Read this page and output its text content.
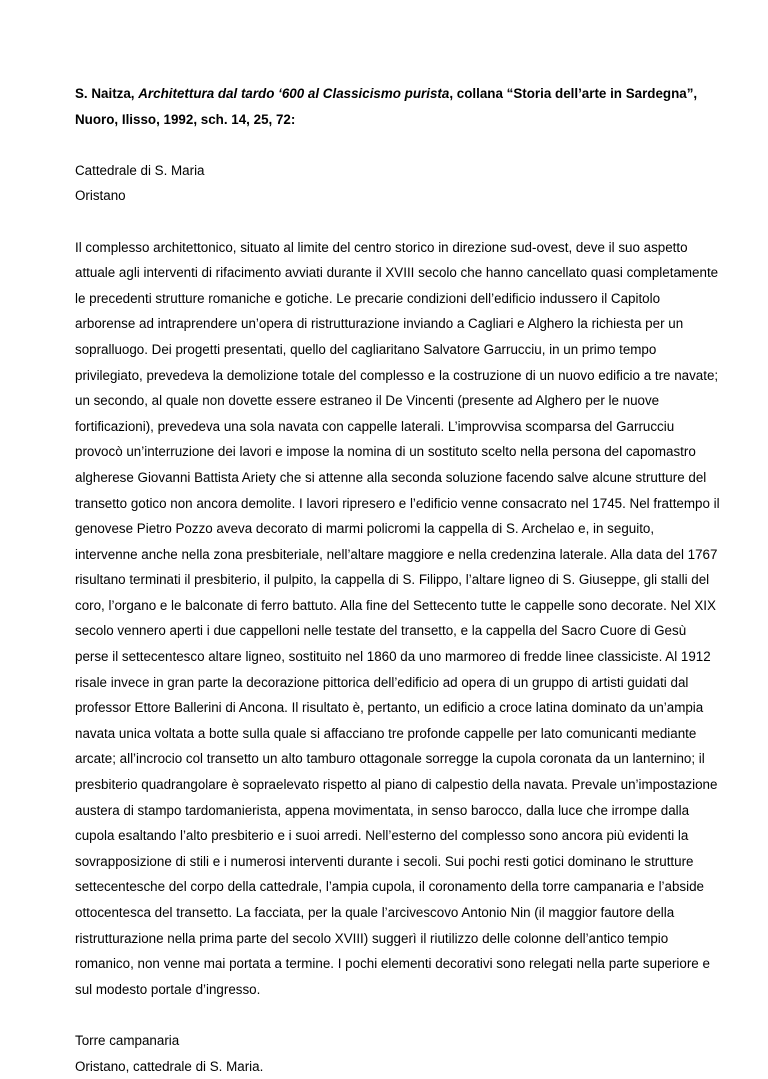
S. Naitza, Architettura dal tardo ‘600 al Classicismo purista, collana “Storia dell’arte in Sardegna”,
Nuoro, Ilisso, 1992, sch. 14, 25, 72:
Cattedrale di S. Maria
Oristano
Il complesso architettonico, situato al limite del centro storico in direzione sud-ovest, deve il suo aspetto
attuale agli interventi di rifacimento avviati durante il XVIII secolo che hanno cancellato quasi completamente
le precedenti strutture romaniche e gotiche. Le precarie condizioni dell’edificio indussero il Capitolo
arborense ad intraprendere un’opera di ristrutturazione inviando a Cagliari e Alghero la richiesta per un
sopralluogo. Dei progetti presentati, quello del cagliaritano Salvatore Garrucciu, in un primo tempo
privilegiato, prevedeva la demolizione totale del complesso e la costruzione di un nuovo edificio a tre navate;
un secondo, al quale non dovette essere estraneo il De Vincenti (presente ad Alghero per le nuove
fortificazioni), prevedeva una sola navata con cappelle laterali. L’improvvisa scomparsa del Garrucciu
provocò un’interruzione dei lavori e impose la nomina di un sostituto scelto nella persona del capomastro
algherese Giovanni Battista Ariety che si attenne alla seconda soluzione facendo salve alcune strutture del
transetto gotico non ancora demolite. I lavori ripresero e l’edificio venne consacrato nel 1745. Nel frattempo il
genovese Pietro Pozzo aveva decorato di marmi policromi la cappella di S. Archelao e, in seguito,
intervenne anche nella zona presbiteriale, nell’altare maggiore e nella credenzina laterale. Alla data del 1767
risultano terminati il presbiterio, il pulpito, la cappella di S. Filippo, l’altare ligneo di S. Giuseppe, gli stalli del
coro, l’organo e le balconate di ferro battuto. Alla fine del Settecento tutte le cappelle sono decorate. Nel XIX
secolo vennero aperti i due cappelloni nelle testate del transetto, e la cappella del Sacro Cuore di Gesù
perse il settecentesco altare ligneo, sostituito nel 1860 da uno marmoreo di fredde linee classiciste. Al 1912
risale invece in gran parte la decorazione pittorica dell’edificio ad opera di un gruppo di artisti guidati dal
professor Ettore Ballerini di Ancona. Il risultato è, pertanto, un edificio a croce latina dominato da un’ampia
navata unica voltata a botte sulla quale si affacciano tre profonde cappelle per lato comunicanti mediante
arcate; all’incrocio col transetto un alto tamburo ottagonale sorregge la cupola coronata da un lanternino; il
presbiterio quadrangolare è sopraelevato rispetto al piano di calpestio della navata. Prevale un’impostazione
austera di stampo tardomanierista, appena movimentata, in senso barocco, dalla luce che irrompe dalla
cupola esaltando l’alto presbiterio e i suoi arredi. Nell’esterno del complesso sono ancora più evidenti la
sovrapposizione di stili e i numerosi interventi durante i secoli. Sui pochi resti gotici dominano le strutture
settecentesche del corpo della cattedrale, l’ampia cupola, il coronamento della torre campanaria e l’abside
ottocentesca del transetto. La facciata, per la quale l’arcivescovo Antonio Nin (il maggior fautore della
ristrutturazione nella prima parte del secolo XVIII) suggerì il riutilizzo delle colonne dell’antico tempio
romanico, non venne mai portata a termine. I pochi elementi decorativi sono relegati nella parte superiore e
sul modesto portale d’ingresso.
Torre campanaria
Oristano, cattedrale di S. Maria.
